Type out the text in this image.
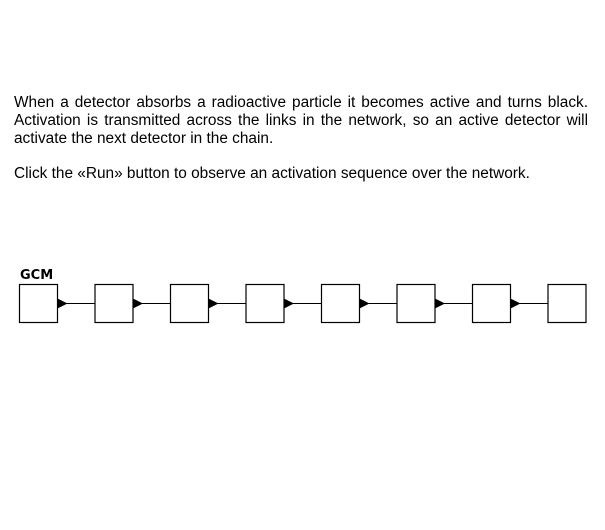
When a detector absorbs a radioactive particle it becomes active and turns black. Activation is transmitted across the links in the network, so an active detector will activate the next detector in the chain.

Click the «Run» button to observe an activation sequence over the network.

GCM
